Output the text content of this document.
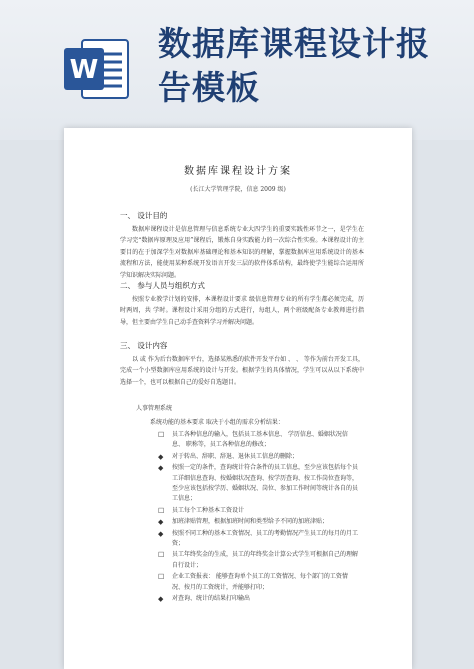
W
数据库课程设计报告模板
数据库课程设计方案
(长江大学管理学院，信息 2009 级)
一、 设计目的

数据库课程设计是信息管理与信息系统专业大四学生的重要实践性环节之一，是学生在学习完“数据库原理及应用”课程后，锻炼自身实践能力的一次综合性实验。本课程设计的主要目的在于加深学生对数据库基础理论和基本知识的理解，掌握数据库应用系统设计的基本流程和方法，能使用某种系统开发语言开发三层的软件体系结构，最终使学生能综合运用所学知识解决实际问题。

二、 参与人员与组织方式

按照专业教学计划的安排，本课程设计要求 级信息管理专业的所有学生都必须完成，历时两周，共 学时。课程设计采用分组的方式进行，每组人，两个班级配备专业教师进行指导，但主要由学生自己动手查资料学习并解决问题。

三、 设计内容

以 或 作为后台数据库平台，选择某熟悉的软件开发平台如 、 、 等作为前台开发工具，完成一个小型数据库应用系统的设计与开发。根据学生的具体情况，学生可以从以下系统中选择一个，也可以根据自己的爱好自选题目。

人事管理系统
系统功能的基本要求 取决于小组的需求分析结果：
☐ 员工各种信息的输入，包括员工基本信息、 学历信息、婚姻状况信息、 职称等，员工各种信息的修改；
◆ 对于转出、辞职、辞退、退休员工信息的删除；
◆ 按照一定的条件，查询统计符合条件的员工信息，至少应该包括每个员工详细信息查询、按婚姻状况查询、按学历查询、按工作岗位查询等，至少应该包括按学历、婚姻状况、岗位、参加工作时间等统计各自的员工信息；
☐ 员工每个工种基本工资设计
◆ 加班津贴管理，根据加班时间和类型给予不同的加班津贴；
◆ 按照不同工种的基本工资情况、员工的考勤情况产生员工的每月的月工资；
☐ 员工年终奖金的生成，员工的年终奖金计算公式学生可根据自己的理解自行设计；
☐ 企业工资报表： 能够查询单个员工的工资情况、每个部门的工资情况、按月的工资统计，并能够打印；
◆ 对查询、统计的结果打印输出
